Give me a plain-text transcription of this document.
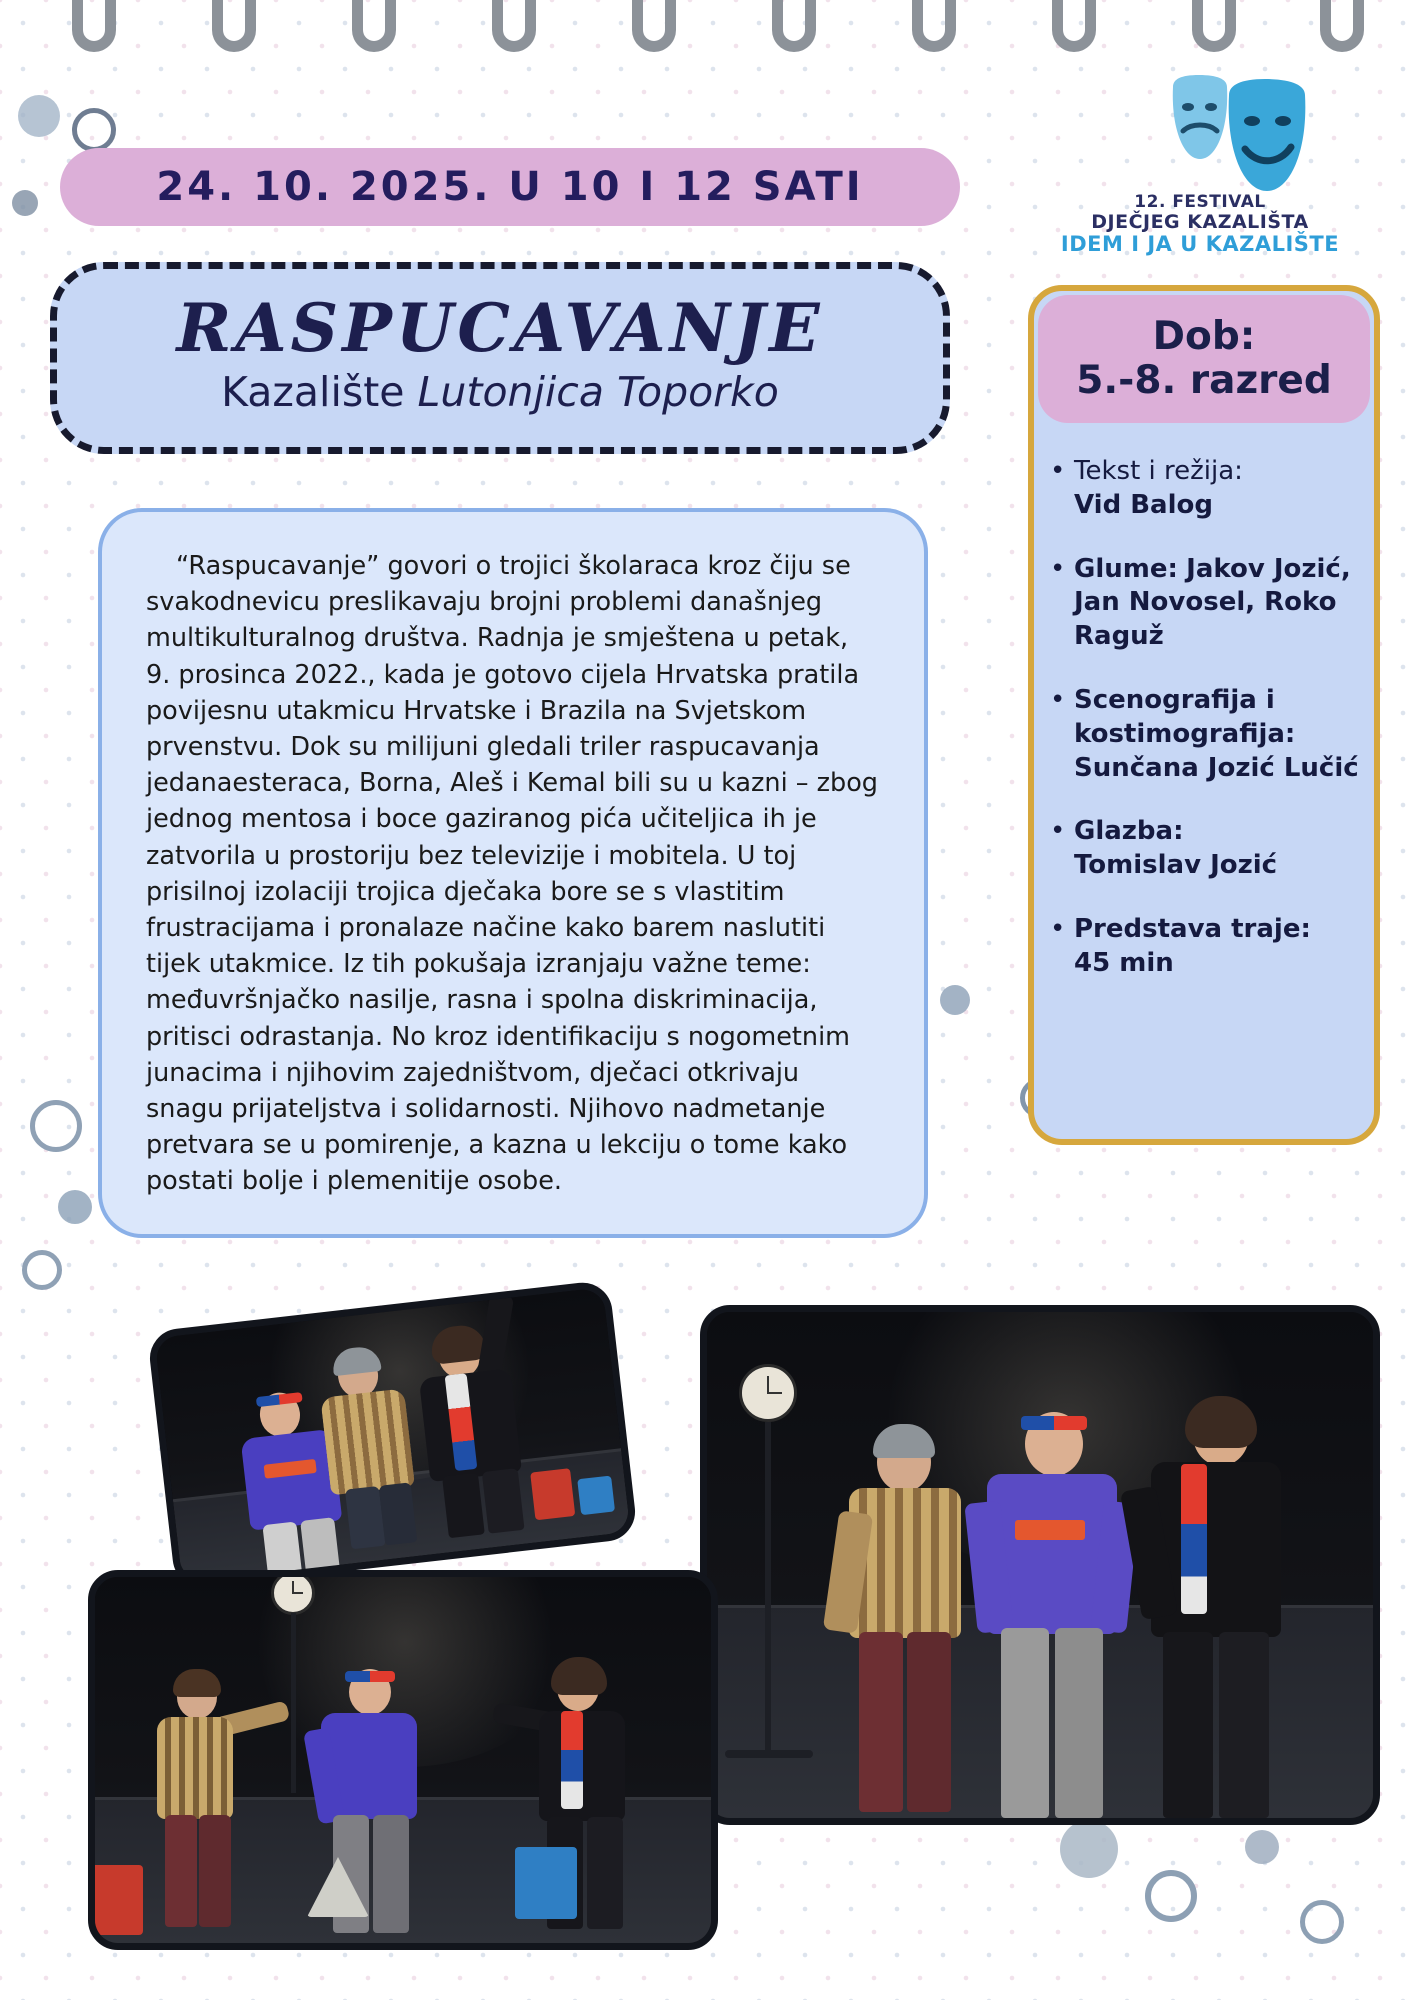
24. 10. 2025. U 10 I 12 SATI
RASPUCAVANJE
Kazalište Lutonjica Toporko
12. FESTIVAL
DJEČJEG KAZALIŠTA
IDEM I JA U KAZALIŠTE
Dob:
5.-8. razred
• Tekst i režija:
Vid Balog
• Glume: Jakov Jozić, Jan Novosel, Roko Raguž
• Scenografija i kostimografija:
Sunčana Jozić Lučić
• Glazba:
Tomislav Jozić
• Predstava traje:
45 min
“Raspucavanje” govori o trojici školaraca kroz čiju se svakodnevicu preslikavaju brojni problemi današnjeg multikulturalnog društva. Radnja je smještena u petak, 9. prosinca 2022., kada je gotovo cijela Hrvatska pratila povijesnu utakmicu Hrvatske i Brazila na Svjetskom prvenstvu. Dok su milijuni gledali triler raspucavanja jedanaesteraca, Borna, Aleš i Kemal bili su u kazni – zbog jednog mentosa i boce gaziranog pića učiteljica ih je zatvorila u prostoriju bez televizije i mobitela. U toj prisilnoj izolaciji trojica dječaka bore se s vlastitim frustracijama i pronalaze načine kako barem naslutiti tijek utakmice. Iz tih pokušaja izranjaju važne teme: međuvršnjačko nasilje, rasna i spolna diskriminacija, pritisci odrastanja. No kroz identifikaciju s nogometnim junacima i njihovim zajedništvom, dječaci otkrivaju snagu prijateljstva i solidarnosti. Njihovo nadmetanje pretvara se u pomirenje, a kazna u lekciju o tome kako postati bolje i plemenitije osobe.
